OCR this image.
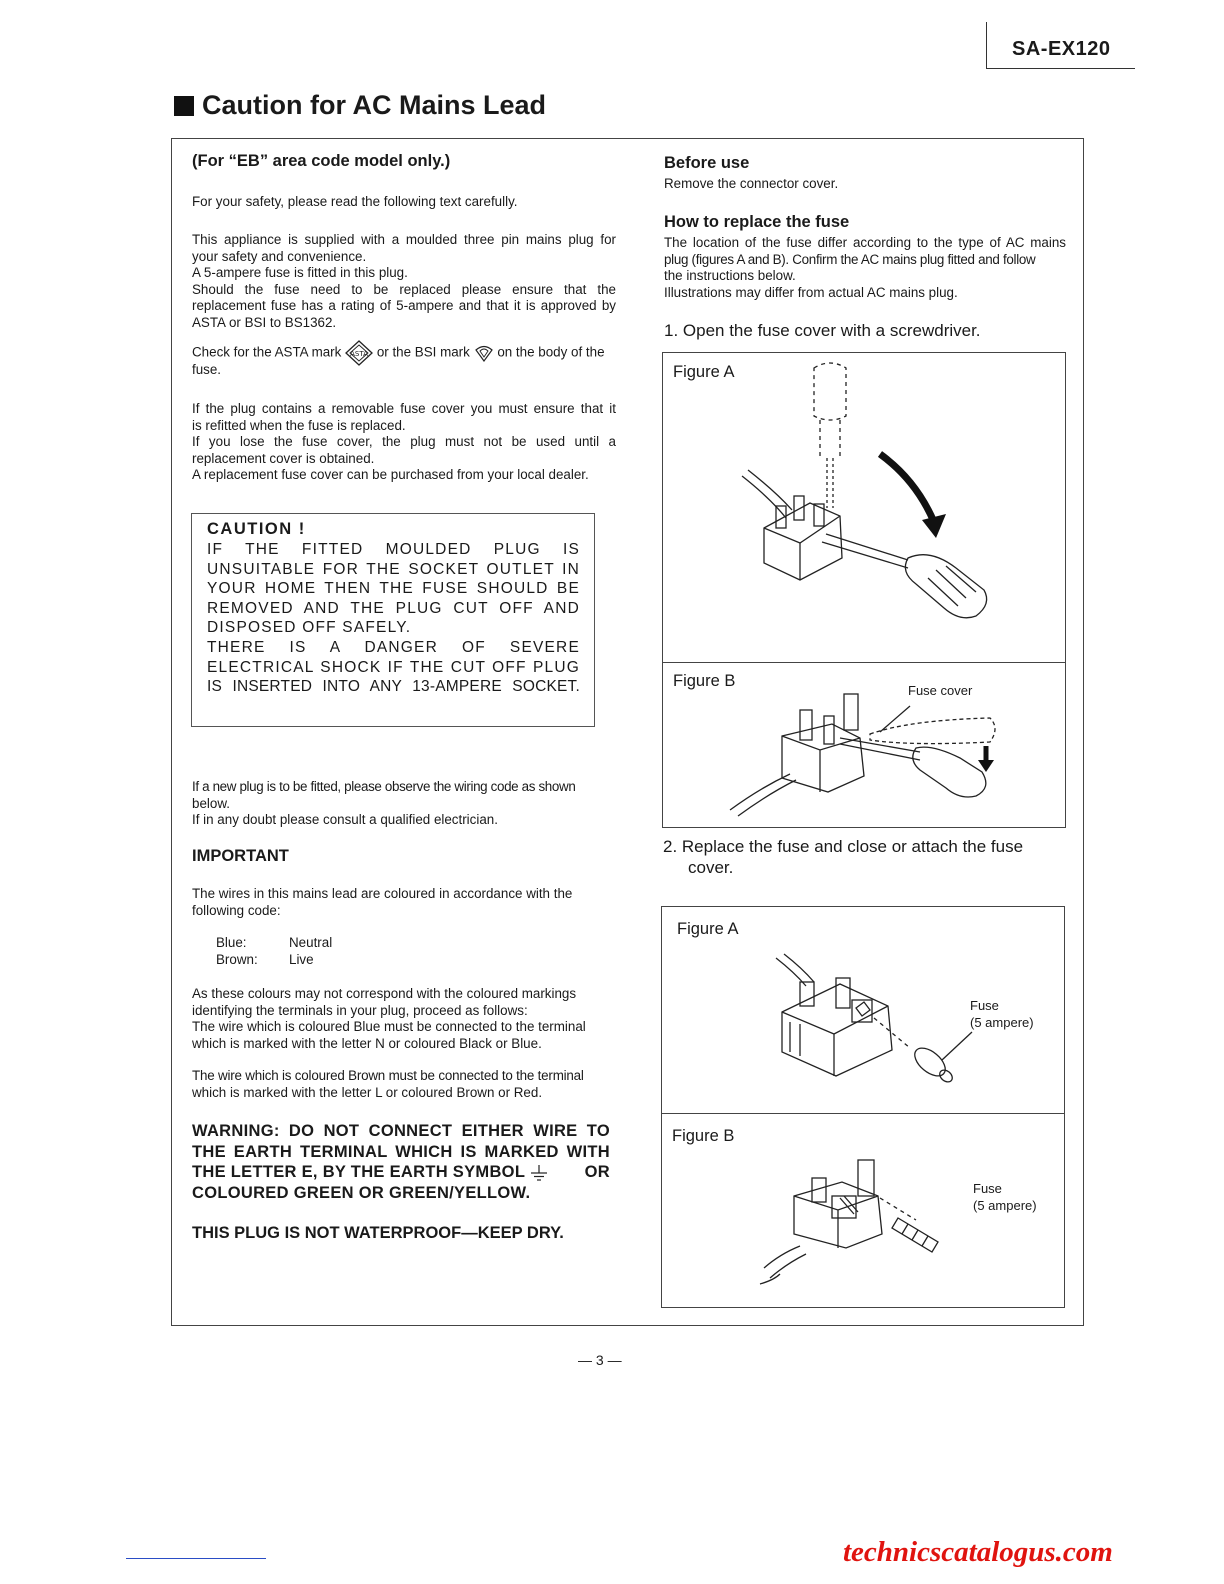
SA-EX120
Caution for AC Mains Lead
(For “EB” area code model only.)
For your safety, please read the following text carefully.
This appliance is supplied with a moulded three pin mains plug for
your safety and convenience.
A 5-ampere fuse is fitted in this plug.
Should the fuse need to be replaced please ensure that the
replacement fuse has a rating of 5-ampere and that it is approved by
ASTA or BSI to BS1362.
Check for the ASTA mark ASTA or the BSI mark on the body of the
fuse.
If the plug contains a removable fuse cover you must ensure that it
is refitted when the fuse is replaced.
If you lose the fuse cover, the plug must not be used until a
replacement cover is obtained.
A replacement fuse cover can be purchased from your local dealer.
CAUTION !
IF THE FITTED MOULDED PLUG IS
UNSUITABLE FOR THE SOCKET OUTLET IN
YOUR HOME THEN THE FUSE SHOULD BE
REMOVED AND THE PLUG CUT OFF AND
DISPOSED OFF SAFELY.
THERE IS A DANGER OF SEVERE
ELECTRICAL SHOCK IF THE CUT OFF PLUG
IS INSERTED INTO ANY 13-AMPERE SOCKET.
If a new plug is to be fitted, please observe the wiring code as shown
below.
If in any doubt please consult a qualified electrician.
IMPORTANT
The wires in this mains lead are coloured in accordance with the
following code:
Blue:	Neutral
Brown:	Live
As these colours may not correspond with the coloured markings
identifying the terminals in your plug, proceed as follows:
The wire which is coloured Blue must be connected to the terminal
which is marked with the letter N or coloured Black or Blue.
The wire which is coloured Brown must be connected to the terminal
which is marked with the letter L or coloured Brown or Red.
WARNING: DO NOT CONNECT EITHER WIRE TO
THE EARTH TERMINAL WHICH IS MARKED WITH
THE LETTER E, BY THE EARTH SYMBOL	OR
COLOURED GREEN OR GREEN/YELLOW.
THIS PLUG IS NOT WATERPROOF—KEEP DRY.
Before use
Remove the connector cover.
How to replace the fuse
The location of the fuse differ according to the type of AC mains
plug (figures A and B). Confirm the AC mains plug fitted and follow
the instructions below.
Illustrations may differ from actual AC mains plug.
1. Open the fuse cover with a screwdriver.
Figure A
Figure B
Fuse cover
2. Replace the fuse and close or attach the fuse
cover.
Figure A
Figure B
Fuse
(5 ampere)
Fuse
(5 ampere)
— 3 —
technicscatalogus.com
